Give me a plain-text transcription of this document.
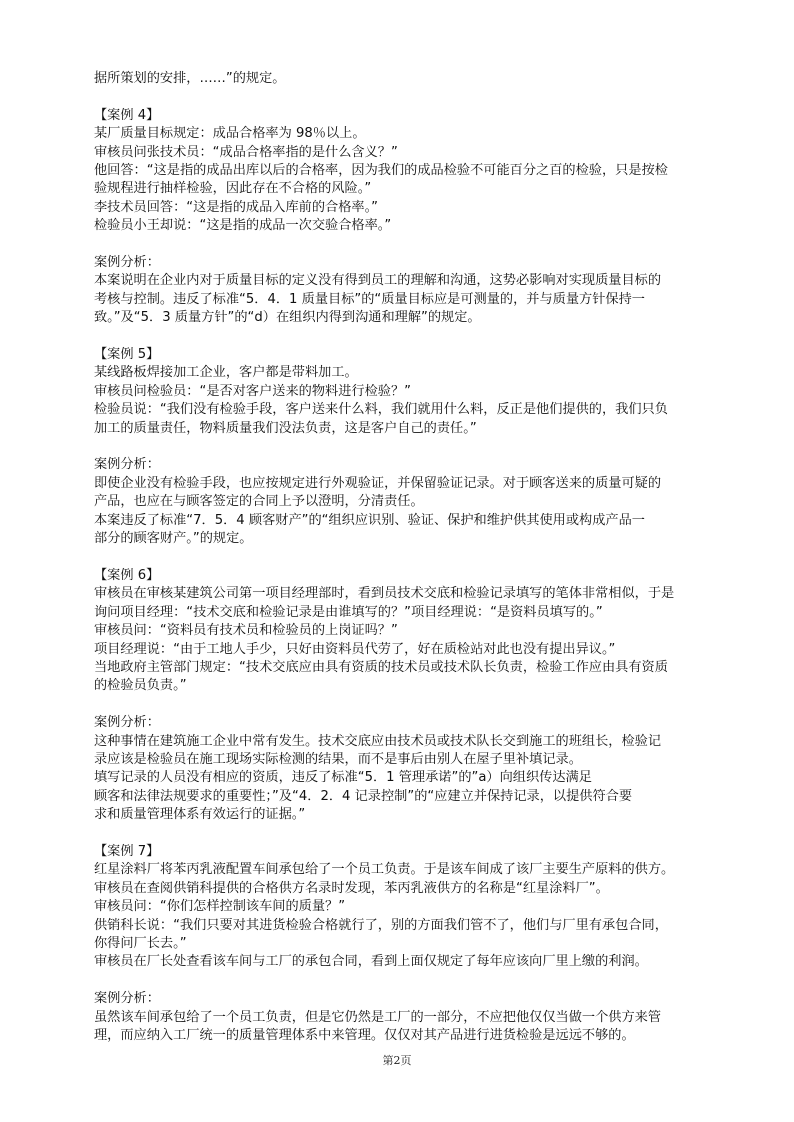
据所策划的安排，……”的规定。
【案例 4】
某厂质量目标规定：成品合格率为 98％以上。
审核员问张技术员：“成品合格率指的是什么含义？”
他回答：“这是指的成品出库以后的合格率，因为我们的成品检验不可能百分之百的检验，只是按检
验规程进行抽样检验，因此存在不合格的风险。”
李技术员回答：“这是指的成品入库前的合格率。”
检验员小王却说：“这是指的成品一次交验合格率。”
案例分析：
本案说明在企业内对于质量目标的定义没有得到员工的理解和沟通，这势必影响对实现质量目标的
考核与控制。违反了标准“5．4．1 质量目标”的“质量目标应是可测量的，并与质量方针保持一
致。”及“5．3 质量方针”的“d）在组织内得到沟通和理解”的规定。
【案例 5】
某线路板焊接加工企业，客户都是带料加工。
审核员问检验员：“是否对客户送来的物料进行检验？”
检验员说：“我们没有检验手段，客户送来什么料，我们就用什么料，反正是他们提供的，我们只负
加工的质量责任，物料质量我们没法负责，这是客户自己的责任。”
案例分析：
即使企业没有检验手段，也应按规定进行外观验证，并保留验证记录。对于顾客送来的质量可疑的
产品，也应在与顾客签定的合同上予以澄明，分清责任。
本案违反了标准“7．5．4 顾客财产”的“组织应识别、验证、保护和维护供其使用或构成产品一
部分的顾客财产。”的规定。
【案例 6】
审核员在审核某建筑公司第一项目经理部时，看到员技术交底和检验记录填写的笔体非常相似，于是
询问项目经理：“技术交底和检验记录是由谁填写的？”项目经理说：“是资料员填写的。”
审核员问：“资料员有技术员和检验员的上岗证吗？”
项目经理说：“由于工地人手少，只好由资料员代劳了，好在质检站对此也没有提出异议。”
当地政府主管部门规定：“技术交底应由具有资质的技术员或技术队长负责，检验工作应由具有资质
的检验员负责。”
案例分析：
这种事情在建筑施工企业中常有发生。技术交底应由技术员或技术队长交到施工的班组长，检验记
录应该是检验员在施工现场实际检测的结果，而不是事后由别人在屋子里补填记录。
填写记录的人员没有相应的资质，违反了标准“5．1 管理承诺”的”a）向组织传达满足
顾客和法律法规要求的重要性；”及“4．2．4 记录控制”的“应建立并保持记录，以提供符合要
求和质量管理体系有效运行的证据。”
【案例 7】
红星涂料厂将苯丙乳液配置车间承包给了一个员工负责。于是该车间成了该厂主要生产原料的供方。
审核员在查阅供销科提供的合格供方名录时发现，苯丙乳液供方的名称是“红星涂料厂”。
审核员问：“你们怎样控制该车间的质量？”
供销科长说：“我们只要对其进货检验合格就行了，别的方面我们管不了，他们与厂里有承包合同，
你得问厂长去。”
审核员在厂长处查看该车间与工厂的承包合同，看到上面仅规定了每年应该向厂里上缴的利润。
案例分析：
虽然该车间承包给了一个员工负责，但是它仍然是工厂的一部分，不应把他仅仅当做一个供方来管
理，而应纳入工厂统一的质量管理体系中来管理。仅仅对其产品进行进货检验是远远不够的。
第2页
